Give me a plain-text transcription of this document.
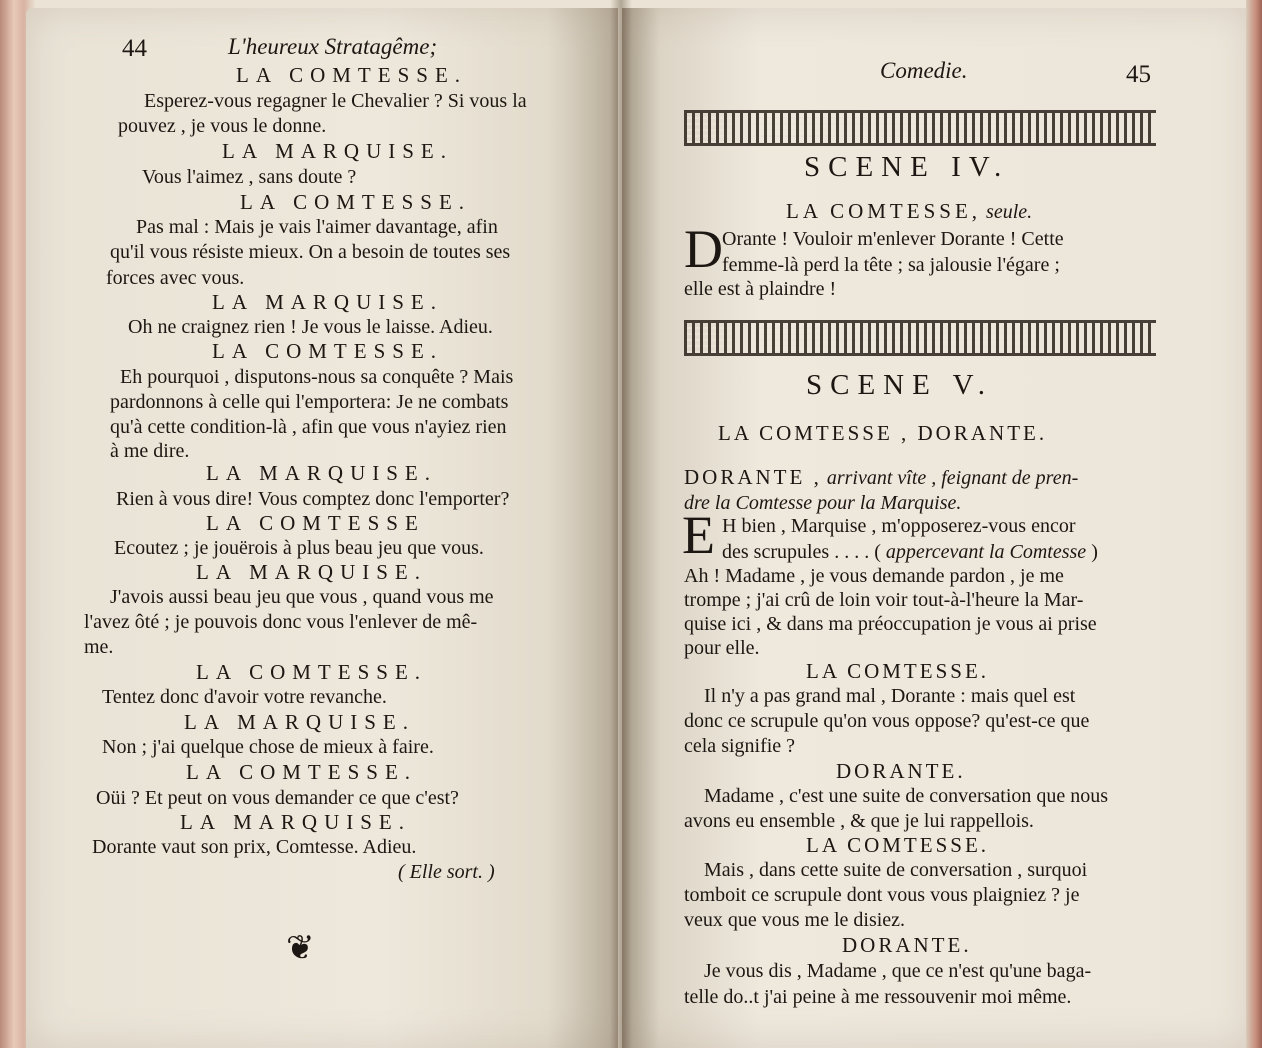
44	L'heureux Stratagême;
LA COMTESSE.
Esperez-vous regagner le Chevalier ? Si vous la
pouvez , je vous le donne.
LA MARQUISE.
Vous l'aimez , sans doute ?
LA COMTESSE.
Pas mal : Mais je vais l'aimer davantage, afin
qu'il vous résiste mieux. On a besoin de toutes ses
forces avec vous.
LA MARQUISE.
Oh ne craignez rien ! Je vous le laisse. Adieu.
LA COMTESSE.
Eh pourquoi , disputons-nous sa conquête ? Mais
pardonnons à celle qui l'emportera: Je ne combats
qu'à cette condition-là , afin que vous n'ayiez rien
à me dire.
LA MARQUISE.
Rien à vous dire! Vous comptez donc l'emporter?
LA COMTESSE
Ecoutez ; je jouërois à plus beau jeu que vous.
LA MARQUISE.
J'avois aussi beau jeu que vous , quand vous me
l'avez ôté ; je pouvois donc vous l'enlever de mê-
me.
LA COMTESSE.
Tentez donc d'avoir votre revanche.
LA MARQUISE.
Non ; j'ai quelque chose de mieux à faire.
LA COMTESSE.
Oüi ? Et peut on vous demander ce que c'est?
LA MARQUISE.
Dorante vaut son prix, Comtesse. Adieu.
( Elle sort. )
❦
Comedie.	45
SCENE IV.
LA COMTESSE, seule.
D Orante ! Vouloir m'enlever Dorante ! Cette
femme-là perd la tête ; sa jalousie l'égare ;
elle est à plaindre !
SCENE V.
LA COMTESSE , DORANTE.
DORANTE , arrivant vîte , feignant de pren-
dre la Comtesse pour la Marquise.
E H bien , Marquise , m'opposerez-vous encor
des scrupules . . . . ( appercevant la Comtesse )
Ah ! Madame , je vous demande pardon , je me
trompe ; j'ai crû de loin voir tout-à-l'heure la Mar-
quise ici , & dans ma préoccupation je vous ai prise
pour elle.
LA COMTESSE.
Il n'y a pas grand mal , Dorante : mais quel est
donc ce scrupule qu'on vous oppose? qu'est-ce que
cela signifie ?
DORANTE.
Madame , c'est une suite de conversation que nous
avons eu ensemble , & que je lui rappellois.
LA COMTESSE.
Mais , dans cette suite de conversation , surquoi
tomboit ce scrupule dont vous vous plaigniez ? je
veux que vous me le disiez.
DORANTE.
Je vous dis , Madame , que ce n'est qu'une baga-
telle do..t j'ai peine à me ressouvenir moi même.
